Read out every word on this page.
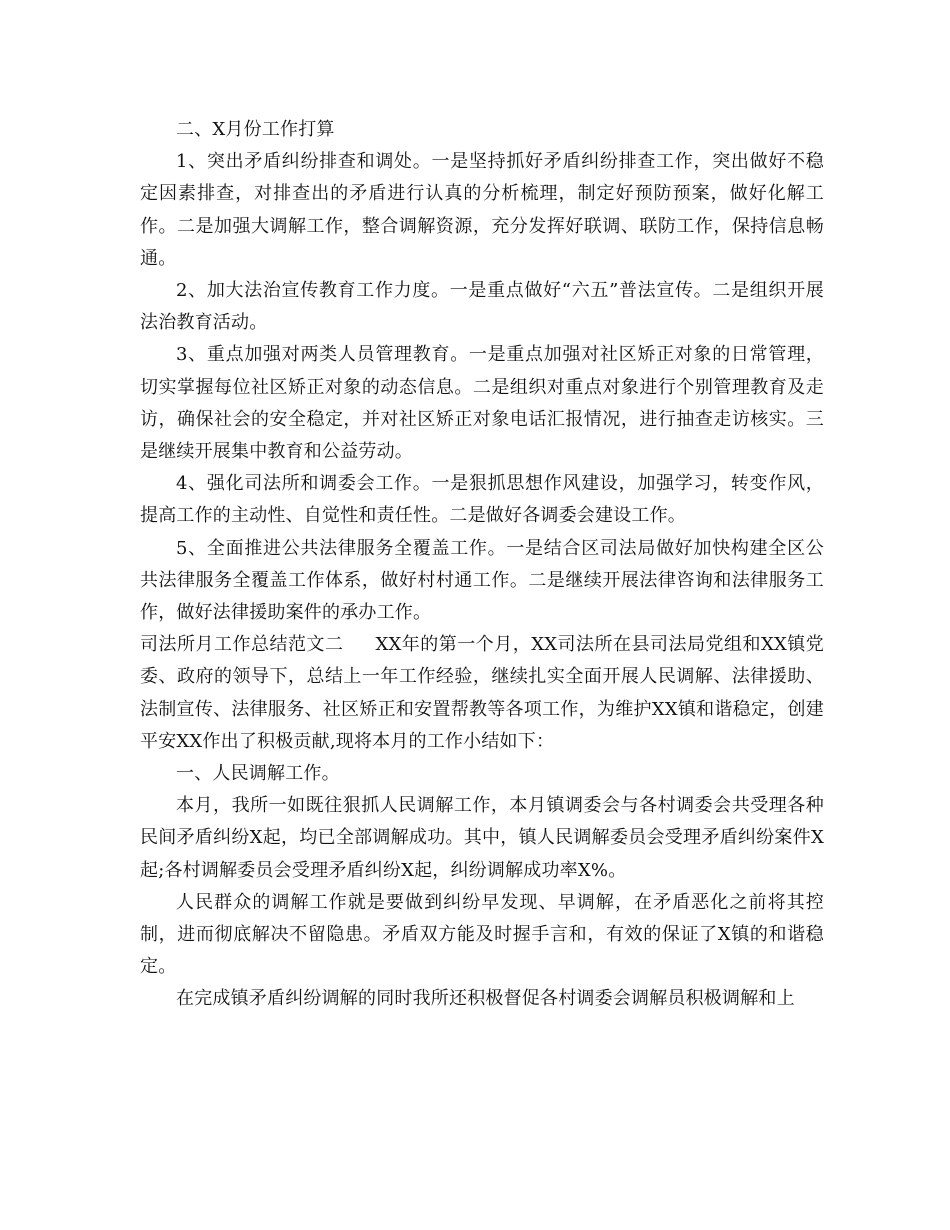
二、X月份工作打算

1、突出矛盾纠纷排查和调处。一是坚持抓好矛盾纠纷排查工作，突出做好不稳定因素排查，对排查出的矛盾进行认真的分析梳理，制定好预防预案，做好化解工作。二是加强大调解工作，整合调解资源，充分发挥好联调、联防工作，保持信息畅通。

2、加大法治宣传教育工作力度。一是重点做好“六五”普法宣传。二是组织开展法治教育活动。

3、重点加强对两类人员管理教育。一是重点加强对社区矫正对象的日常管理，切实掌握每位社区矫正对象的动态信息。二是组织对重点对象进行个别管理教育及走访，确保社会的安全稳定，并对社区矫正对象电话汇报情况，进行抽查走访核实。三是继续开展集中教育和公益劳动。

4、强化司法所和调委会工作。一是狠抓思想作风建设，加强学习，转变作风，提高工作的主动性、自觉性和责任性。二是做好各调委会建设工作。

5、全面推进公共法律服务全覆盖工作。一是结合区司法局做好加快构建全区公共法律服务全覆盖工作体系，做好村村通工作。二是继续开展法律咨询和法律服务工作，做好法律援助案件的承办工作。

司法所月工作总结范文二 XX年的第一个月，XX司法所在县司法局党组和XX镇党委、政府的领导下，总结上一年工作经验，继续扎实全面开展人民调解、法律援助、法制宣传、法律服务、社区矫正和安置帮教等各项工作，为维护XX镇和谐稳定，创建平安XX作出了积极贡献,现将本月的工作小结如下：

一、人民调解工作。

本月，我所一如既往狠抓人民调解工作，本月镇调委会与各村调委会共受理各种民间矛盾纠纷X起，均已全部调解成功。其中，镇人民调解委员会受理矛盾纠纷案件X起;各村调解委员会受理矛盾纠纷X起，纠纷调解成功率X%。

人民群众的调解工作就是要做到纠纷早发现、早调解，在矛盾恶化之前将其控制，进而彻底解决不留隐患。矛盾双方能及时握手言和，有效的保证了X镇的和谐稳定。

在完成镇矛盾纠纷调解的同时我所还积极督促各村调委会调解员积极调解和上
